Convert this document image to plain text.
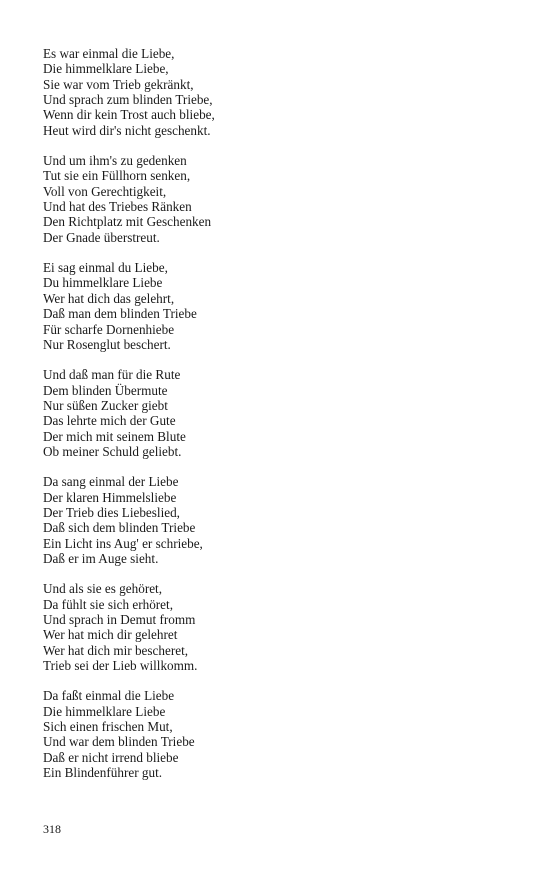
Es war einmal die Liebe,
Die himmelklare Liebe,
Sie war vom Trieb gekränkt,
Und sprach zum blinden Triebe,
Wenn dir kein Trost auch bliebe,
Heut wird dir's nicht geschenkt.
Und um ihm's zu gedenken
Tut sie ein Füllhorn senken,
Voll von Gerechtigkeit,
Und hat des Triebes Ränken
Den Richtplatz mit Geschenken
Der Gnade überstreut.
Ei sag einmal du Liebe,
Du himmelklare Liebe
Wer hat dich das gelehrt,
Daß man dem blinden Triebe
Für scharfe Dornenhiebe
Nur Rosenglut beschert.
Und daß man für die Rute
Dem blinden Übermute
Nur süßen Zucker giebt
Das lehrte mich der Gute
Der mich mit seinem Blute
Ob meiner Schuld geliebt.
Da sang einmal der Liebe
Der klaren Himmelsliebe
Der Trieb dies Liebeslied,
Daß sich dem blinden Triebe
Ein Licht ins Aug' er schriebe,
Daß er im Auge sieht.
Und als sie es gehöret,
Da fühlt sie sich erhöret,
Und sprach in Demut fromm
Wer hat mich dir gelehret
Wer hat dich mir bescheret,
Trieb sei der Lieb willkomm.
Da faßt einmal die Liebe
Die himmelklare Liebe
Sich einen frischen Mut,
Und war dem blinden Triebe
Daß er nicht irrend bliebe
Ein Blindenführer gut.
318
